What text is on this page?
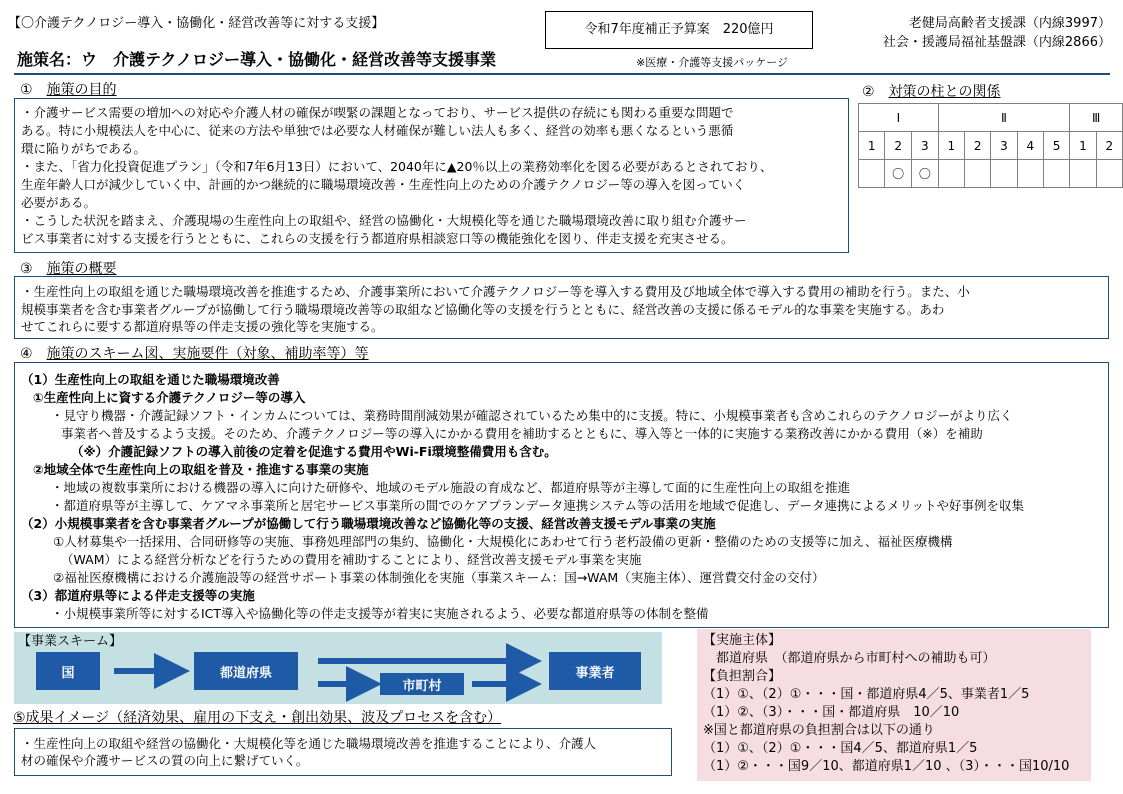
【〇介護テクノロジー導入・協働化・経営改善等に対する支援】	令和7年度補正予算案　220億円	老健局高齢者支援課（内線3997）
社会・援護局福祉基盤課（内線2866）
施策名：ウ　介護テクノロジー導入・協働化・経営改善等支援事業	※医療・介護等支援パッケージ
①　 施策の目的
・介護サービス需要の増加への対応や介護人材の確保が喫緊の課題となっており、サービス提供の存続にも関わる重要な問題で
ある。特に小規模法人を中心に、従来の方法や単独では必要な人材確保が難しい法人も多く、経営の効率も悪くなるという悪循
環に陥りがちである。
・また、「省力化投資促進プラン」（令和7年6月13日）において、2040年に▲20％以上の業務効率化を図る必要があるとされており、
生産年齢人口が減少していく中、計画的かつ継続的に職場環境改善・生産性向上のための介護テクノロジー等の導入を図っていく
必要がある。
・こうした状況を踏まえ、介護現場の生産性向上の取組や、経営の協働化・大規模化等を通じた職場環境改善に取り組む介護サー
ビス事業者に対する支援を行うとともに、これらの支援を行う都道府県相談窓口等の機能強化を図り、伴走支援を充実させる。
②　 対策の柱との関係
Ⅰ			Ⅱ					Ⅲ	
1	2	3	1	2	3	4	5	1	2
	〇	〇							
③　 施策の概要
・生産性向上の取組を通じた職場環境改善を推進するため、介護事業所において介護テクノロジー等を導入する費用及び地域全体で導入する費用の補助を行う。また、小
規模事業者を含む事業者グループが協働して行う職場環境改善等の取組など協働化等の支援を行うとともに、経営改善の支援に係るモデル的な事業を実施する。あわ
せてこれらに要する都道府県等の伴走支援の強化等を実施する。
④　 施策のスキーム図、実施要件（対象、補助率等）等
（1）生産性向上の取組を通じた職場環境改善
①生産性向上に資する介護テクノロジー等の導入
・見守り機器・介護記録ソフト・インカムについては、業務時間削減効果が確認されているため集中的に支援。特に、小規模事業者も含めこれらのテクノロジーがより広く
事業者へ普及するよう支援。そのため、介護テクノロジー等の導入にかかる費用を補助するとともに、導入等と一体的に実施する業務改善にかかる費用（※）を補助
（※）介護記録ソフトの導入前後の定着を促進する費用やWi-Fi環境整備費用も含む。
②地域全体で生産性向上の取組を普及・推進する事業の実施
・地域の複数事業所における機器の導入に向けた研修や、地域のモデル施設の育成など、都道府県等が主導して面的に生産性向上の取組を推進
・都道府県等が主導して、ケアマネ事業所と居宅サービス事業所の間でのケアプランデータ連携システム等の活用を地域で促進し、データ連携によるメリットや好事例を収集
（2）小規模事業者を含む事業者グループが協働して行う職場環境改善など協働化等の支援、経営改善支援モデル事業の実施
①人材募集や一括採用、合同研修等の実施、事務処理部門の集約、協働化・大規模化にあわせて行う老朽設備の更新・整備のための支援等に加え、福祉医療機構
（WAM）による経営分析などを行うための費用を補助することにより、経営改善支援モデル事業を実施
②福祉医療機構における介護施設等の経営サポート事業の体制強化を実施（事業スキーム：国→WAM（実施主体）、運営費交付金の交付）
（3）都道府県等による伴走支援等の実施
・小規模事業所等に対するICT導入や協働化等の伴走支援等が着実に実施されるよう、必要な都道府県等の体制を整備
【事業スキーム】
国	都道府県
市町村
事業者
【実施主体】
　都道府県　（都道府県から市町村への補助も可）
【負担割合】
（1）①、（2）①・・・国・都道府県4／5、事業者1／5
（1）②、（3）・・・国・都道府県　10／10
※国と都道府県の負担割合は以下の通り
（1）①、（2）①・・・国4／5、都道府県1／5
（1）②・・・国9／10、都道府県1／10 、（3）・・・国10/10
⑤成果イメージ（経済効果、雇用の下支え・創出効果、波及プロセスを含む）
・生産性向上の取組や経営の協働化・大規模化等を通じた職場環境改善を推進することにより、介護人
材の確保や介護サービスの質の向上に繋げていく。
